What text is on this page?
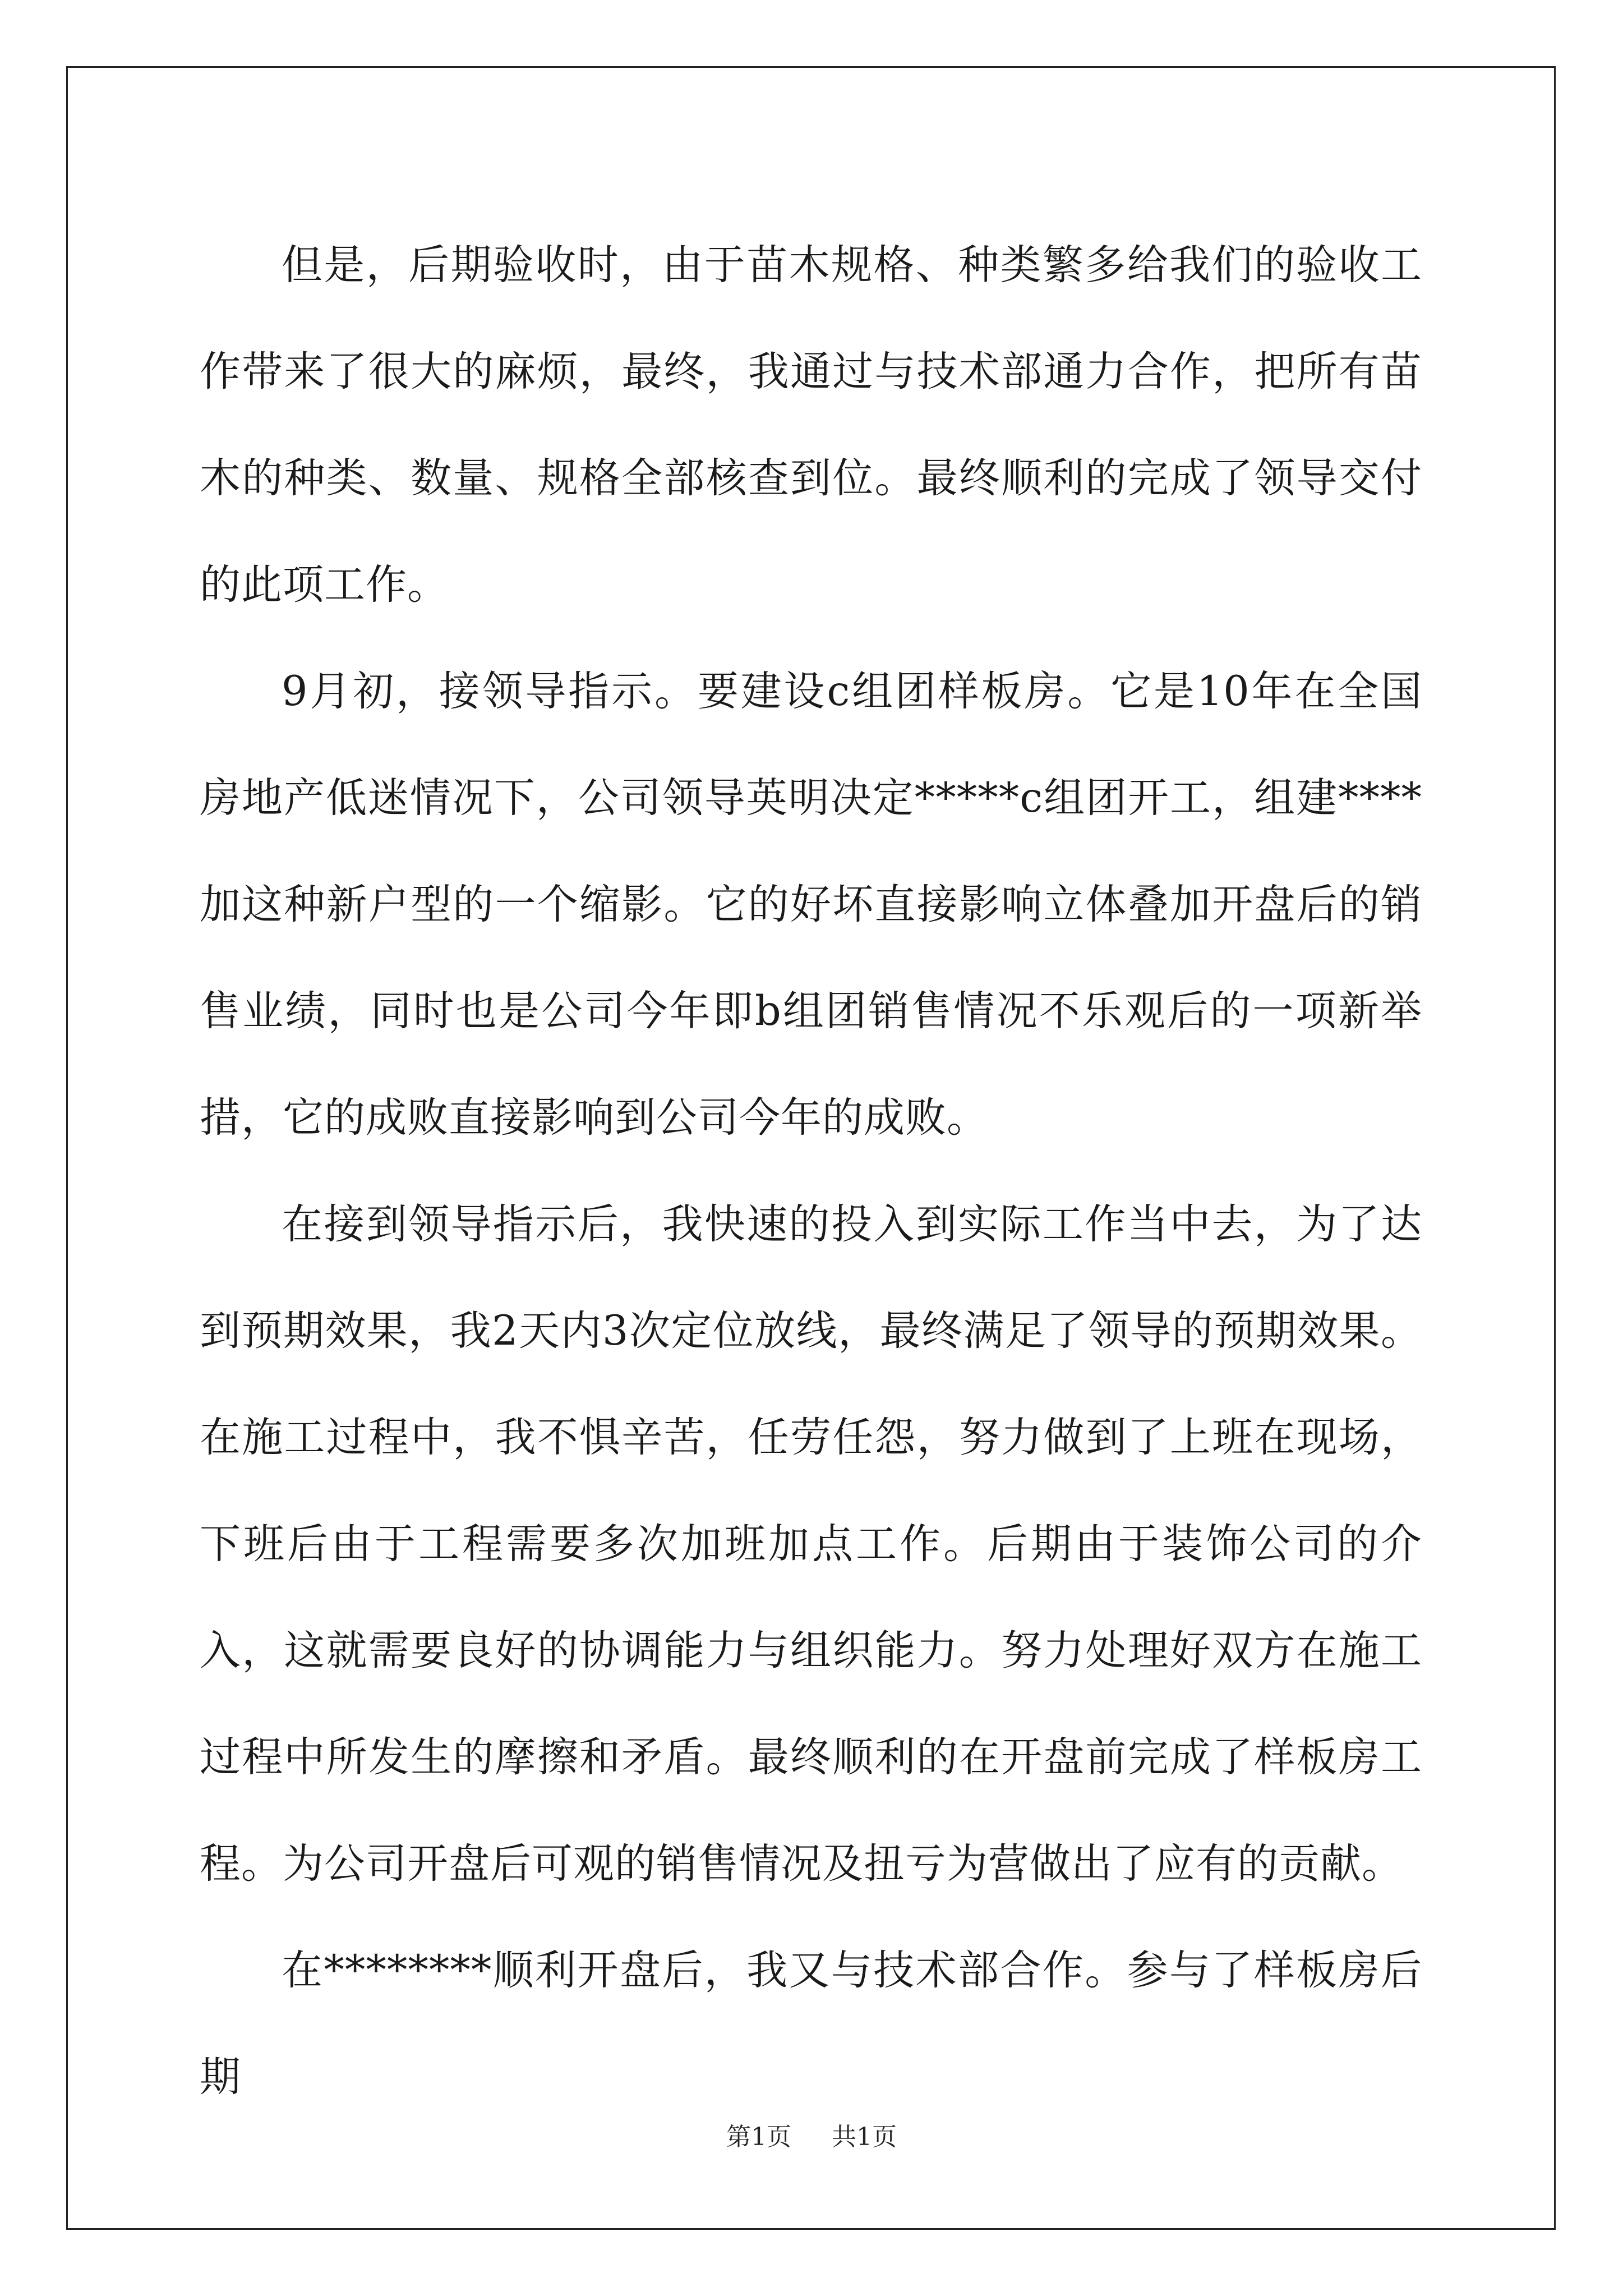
但是，后期验收时，由于苗木规格、种类繁多给我们的验收工作带来了很大的麻烦，最终，我通过与技术部通力合作，把所有苗木的种类、数量、规格全部核查到位。最终顺利的完成了领导交付的此项工作。

9月初，接领导指示。要建设c组团样板房。它是10年在全国房地产低迷情况下，公司领导英明决定*****c组团开工，组建****加这种新户型的一个缩影。它的好坏直接影响立体叠加开盘后的销售业绩，同时也是公司今年即b组团销售情况不乐观后的一项新举措，它的成败直接影响到公司今年的成败。

在接到领导指示后，我快速的投入到实际工作当中去，为了达到预期效果，我2天内3次定位放线，最终满足了领导的预期效果。在施工过程中，我不惧辛苦，任劳任怨，努力做到了上班在现场，下班后由于工程需要多次加班加点工作。后期由于装饰公司的介入，这就需要良好的协调能力与组织能力。努力处理好双方在施工过程中所发生的摩擦和矛盾。最终顺利的在开盘前完成了样板房工程。为公司开盘后可观的销售情况及扭亏为营做出了应有的贡献。

在********顺利开盘后，我又与技术部合作。参与了样板房后期

第1页 共1页
